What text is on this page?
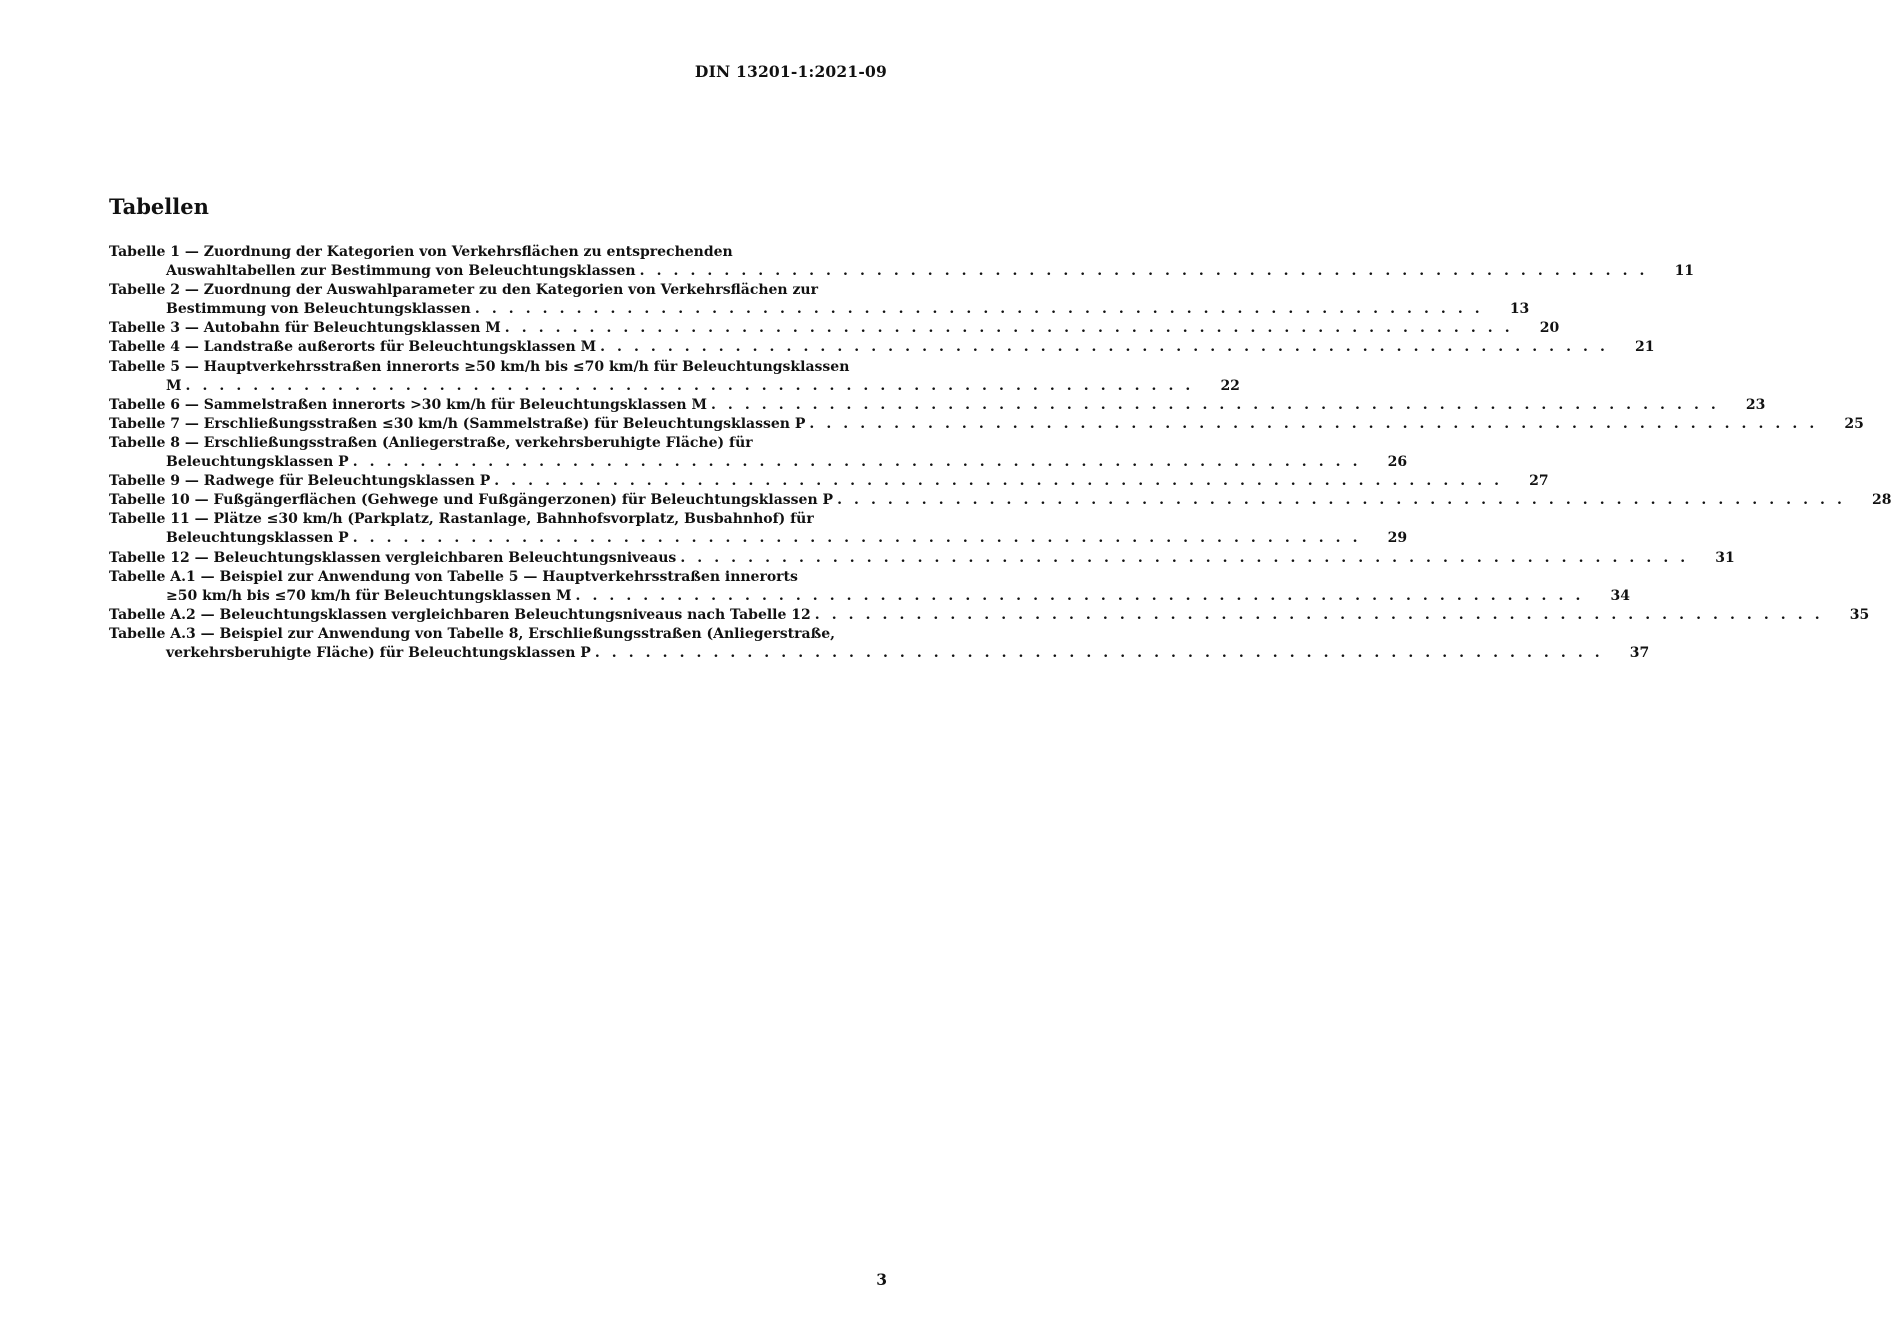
DIN 13201-1:2021-09
Tabellen
Tabelle 1 — Zuordnung der Kategorien von Verkehrsflächen zu entsprechenden
Auswahltabellen zur Bestimmung von Beleuchtungsklassen . . . . . . . . . . . . . . . . . . . . . . . . . . . . . . . . . . . . . . . . . . . . . . . . . . . . . . . . . . . .	11
Tabelle 2 — Zuordnung der Auswahlparameter zu den Kategorien von Verkehrsflächen zur
Bestimmung von Beleuchtungsklassen . . . . . . . . . . . . . . . . . . . . . . . . . . . . . . . . . . . . . . . . . . . . . . . . . . . . . . . . . . . .	13
Tabelle 3 — Autobahn für Beleuchtungsklassen M . . . . . . . . . . . . . . . . . . . . . . . . . . . . . . . . . . . . . . . . . . . . . . . . . . . . . . . . . . . .	20
Tabelle 4 — Landstraße außerorts für Beleuchtungsklassen M . . . . . . . . . . . . . . . . . . . . . . . . . . . . . . . . . . . . . . . . . . . . . . . . . . . . . . . . . . . .	21
Tabelle 5 — Hauptverkehrsstraßen innerorts ≥50 km/h bis ≤70 km/h für Beleuchtungsklassen
M . . . . . . . . . . . . . . . . . . . . . . . . . . . . . . . . . . . . . . . . . . . . . . . . . . . . . . . . . . . .	22
Tabelle 6 — Sammelstraßen innerorts >30 km/h für Beleuchtungsklassen M . . . . . . . . . . . . . . . . . . . . . . . . . . . . . . . . . . . . . . . . . . . . . . . . . . . . . . . . . . . .	23
Tabelle 7 — Erschließungsstraßen ≤30 km/h (Sammelstraße) für Beleuchtungsklassen P . . . . . . . . . . . . . . . . . . . . . . . . . . . . . . . . . . . . . . . . . . . . . . . . . . . . . . . . . . . .	25
Tabelle 8 — Erschließungsstraßen (Anliegerstraße, verkehrsberuhigte Fläche) für
Beleuchtungsklassen P . . . . . . . . . . . . . . . . . . . . . . . . . . . . . . . . . . . . . . . . . . . . . . . . . . . . . . . . . . . .	26
Tabelle 9 — Radwege für Beleuchtungsklassen P . . . . . . . . . . . . . . . . . . . . . . . . . . . . . . . . . . . . . . . . . . . . . . . . . . . . . . . . . . . .	27
Tabelle 10 — Fußgängerflächen (Gehwege und Fußgängerzonen) für Beleuchtungsklassen P . . . . . . . . . . . . . . . . . . . . . . . . . . . . . . . . . . . . . . . . . . . . . . . . . . . . . . . . . . . .	28
Tabelle 11 — Plätze ≤30 km/h (Parkplatz, Rastanlage, Bahnhofsvorplatz, Busbahnhof) für
Beleuchtungsklassen P . . . . . . . . . . . . . . . . . . . . . . . . . . . . . . . . . . . . . . . . . . . . . . . . . . . . . . . . . . . .	29
Tabelle 12 — Beleuchtungsklassen vergleichbaren Beleuchtungsniveaus . . . . . . . . . . . . . . . . . . . . . . . . . . . . . . . . . . . . . . . . . . . . . . . . . . . . . . . . . . . .	31
Tabelle A.1 — Beispiel zur Anwendung von Tabelle 5 — Hauptverkehrsstraßen innerorts
≥50 km/h bis ≤70 km/h für Beleuchtungsklassen M . . . . . . . . . . . . . . . . . . . . . . . . . . . . . . . . . . . . . . . . . . . . . . . . . . . . . . . . . . . .	34
Tabelle A.2 — Beleuchtungsklassen vergleichbaren Beleuchtungsniveaus nach Tabelle 12 . . . . . . . . . . . . . . . . . . . . . . . . . . . . . . . . . . . . . . . . . . . . . . . . . . . . . . . . . . . .	35
Tabelle A.3 — Beispiel zur Anwendung von Tabelle 8, Erschließungsstraßen (Anliegerstraße,
verkehrsberuhigte Fläche) für Beleuchtungsklassen P . . . . . . . . . . . . . . . . . . . . . . . . . . . . . . . . . . . . . . . . . . . . . . . . . . . . . . . . . . . .	37
3
